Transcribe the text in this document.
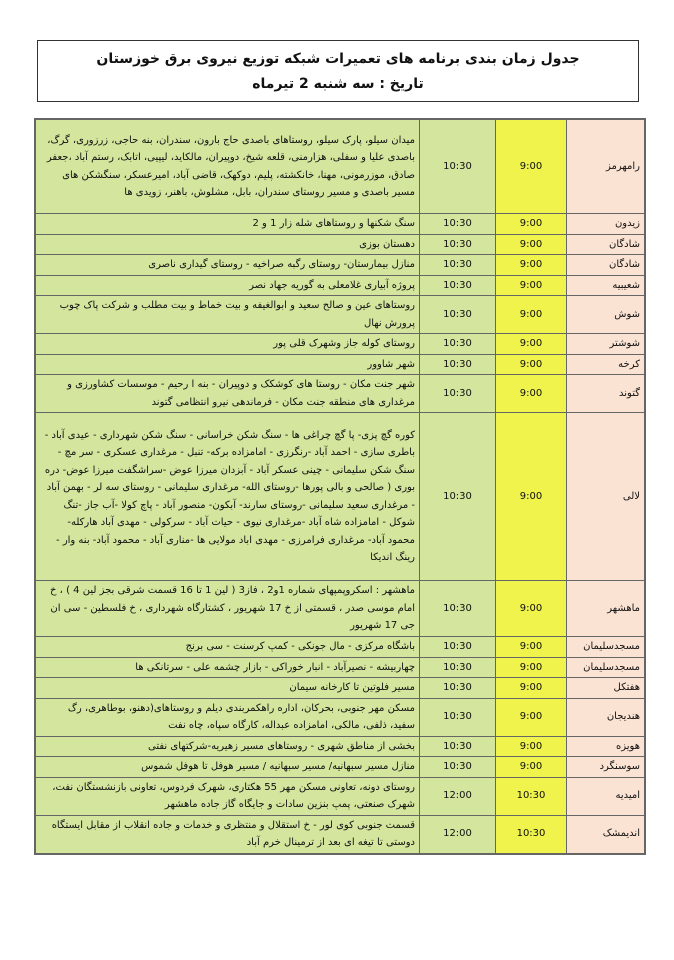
جدول زمان بندی برنامه های تعمیرات شبکه توزیع نیروی برق خوزستان
تاریخ : سه شنبه 2 تیرماه
رامهرمز	9:00	10:30	میدان سیلو، پارک سیلو، روستاهای باصدی حاج بارون، سندران، بنه حاجی، زرزوری، گرگ، باصدی علیا و سفلی، هزارمنی، قلعه شیخ، دوپیران، مالکاید، لیپیی، اتابک، رستم آباد ،جعفر صادق، موزرمونی، مهنا، خانکشته، پلیم، دوکهک، قاضی آباد، امیرعسکر، سنگشکن های مسیر باصدی و مسیر روستای سندران، بابل، مشلوش، باهنر، زویدی ها
زیدون	9:00	10:30	سنگ شکنها و روستاهای شله زار 1 و 2
شادگان	9:00	10:30	دهستان بوزی
شادگان	9:00	10:30	منازل بیمارستان- روستای رگبه صراخیه - روستای گیداری ناصری
شعیبیه	9:00	10:30	پروژه آبیاری غلامعلی به گوریه جهاد نصر
شوش	9:00	10:30	روستاهای عین و صالح سعید و ابوالغیفه و بیت خماط و بیت مطلب و شرکت پاک چوب پرورش نهال
شوشتر	9:00	10:30	روستای کوله جاز وشهرک قلی پور
کرخه	9:00	10:30	شهر شاوور
گتوند	9:00	10:30	شهر جنت مکان - روستا های کوشکک و دوپیران - بنه ا رحیم - موسسات کشاورزی و مرغداری های منطقه جنت مکان - فرماندهی نیرو انتظامی گتوند
لالی	9:00	10:30	کوره گچ پزی- پا گچ چراغی ها - سنگ شکن خراسانی - سنگ شکن شهرداری - عیدی آباد - باطری سازی - احمد آباد -رنگرزی - امامزاده برکه- تنبل - مرغداری عسکری - سر مچ - سنگ شکن سلیمانی - چینی عسکر آباد - آبزدان میرزا عوض -سراشگفت میرزا عوض- دره بوری ( صالحی و بالی پورها -روستای الله- مرغداری سلیمانی - روستای سه لر - بهمن آباد - مرغداری سعید سلیمانی -روستای سارند- آبکون- منصور آباد - پاچ کولا -آب جاز -تنگ شوکل - امامزاده شاه آباد -مرغداری نیوی - حیات آباد - سرکولی - مهدی آباد هارکله- محمود آباد- مرغداری فرامرزی - مهدی اباد مولایی ها -مناری آباد - محمود آباد- بنه وار - رینگ اندیکا
ماهشهر	9:00	10:30	ماهشهر : اسکروپمپهای شماره 1و2 ، فاز3 ( لین 1 تا 16 قسمت شرقی بجز لین 4 ) ، خ امام موسی صدر ، قسمتی از خ 17 شهریور ، کشتارگاه شهرداری ، خ فلسطین - سی ان جی 17 شهریور
مسجدسلیمان	9:00	10:30	باشگاه مرکزی - مال جونکی - کمپ کرسنت - سی برنج
مسجدسلیمان	9:00	10:30	چهاربیشه - نصیرآباد - انبار خوراکی - بازار چشمه علی - سرتانکی ها
هفتکل	9:00	10:30	مسیر فلوتین تا کارخانه سیمان
هندیجان	9:00	10:30	مسکن مهر جنوبی، بحرکان، اداره راهکمربندی دیلم و روستاهای(دهنو، بوطاهری، رگ سفید، ذلفی، مالکی، امامزاده عبداله، کارگاه سپاه، چاه نفت
هویزه	9:00	10:30	بخشی از مناطق شهری - روستاهای مسیر زهیریه-شرکتهای نفتی
سوسنگرد	9:00	10:30	منازل مسیر سبهانیه/ مسیر سبهانیه / مسیر هوفل تا هوفل شموس
امیدیه	10:30	12:00	روستای دونه، تعاونی مسکن مهر 55 هکتاری، شهرک فردوس، تعاونی بازنشستگان نفت، شهرک صنعتی، پمپ بنزین سادات و جایگاه گاز جاده ماهشهر
اندیمشک	10:30	12:00	قسمت جنوبی کوی لور - خ استقلال و منتظری و خدمات و جاده انقلاب از مقابل ایستگاه دوستی تا تیغه ای بعد از ترمینال خرم آباد
